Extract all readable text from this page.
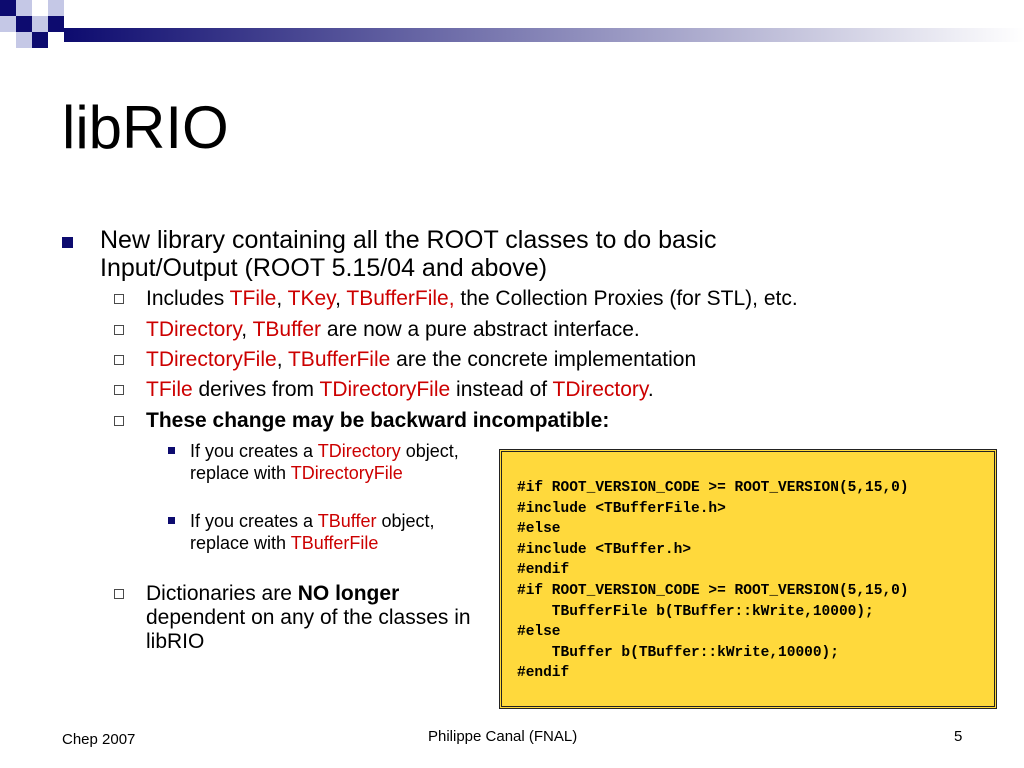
libRIO
New library containing all the ROOT classes to do basic Input/Output (ROOT 5.15/04 and above)
Includes TFile, TKey, TBufferFile, the Collection Proxies (for STL), etc.
TDirectory, TBuffer are now a pure abstract interface.
TDirectoryFile, TBufferFile are the concrete implementation
TFile derives from TDirectoryFile instead of TDirectory.
These change may be backward incompatible:
If you creates a TDirectory object, replace with TDirectoryFile
If you creates a TBuffer object, replace with TBufferFile
Dictionaries are NO longer dependent on any of the classes in libRIO
#if ROOT_VERSION_CODE >= ROOT_VERSION(5,15,0)
#include <TBufferFile.h>
#else
#include <TBuffer.h>
#endif
#if ROOT_VERSION_CODE >= ROOT_VERSION(5,15,0)
TBufferFile b(TBuffer::kWrite,10000);
#else
TBuffer b(TBuffer::kWrite,10000);
#endif
Chep 2007	Philippe Canal (FNAL)	5
